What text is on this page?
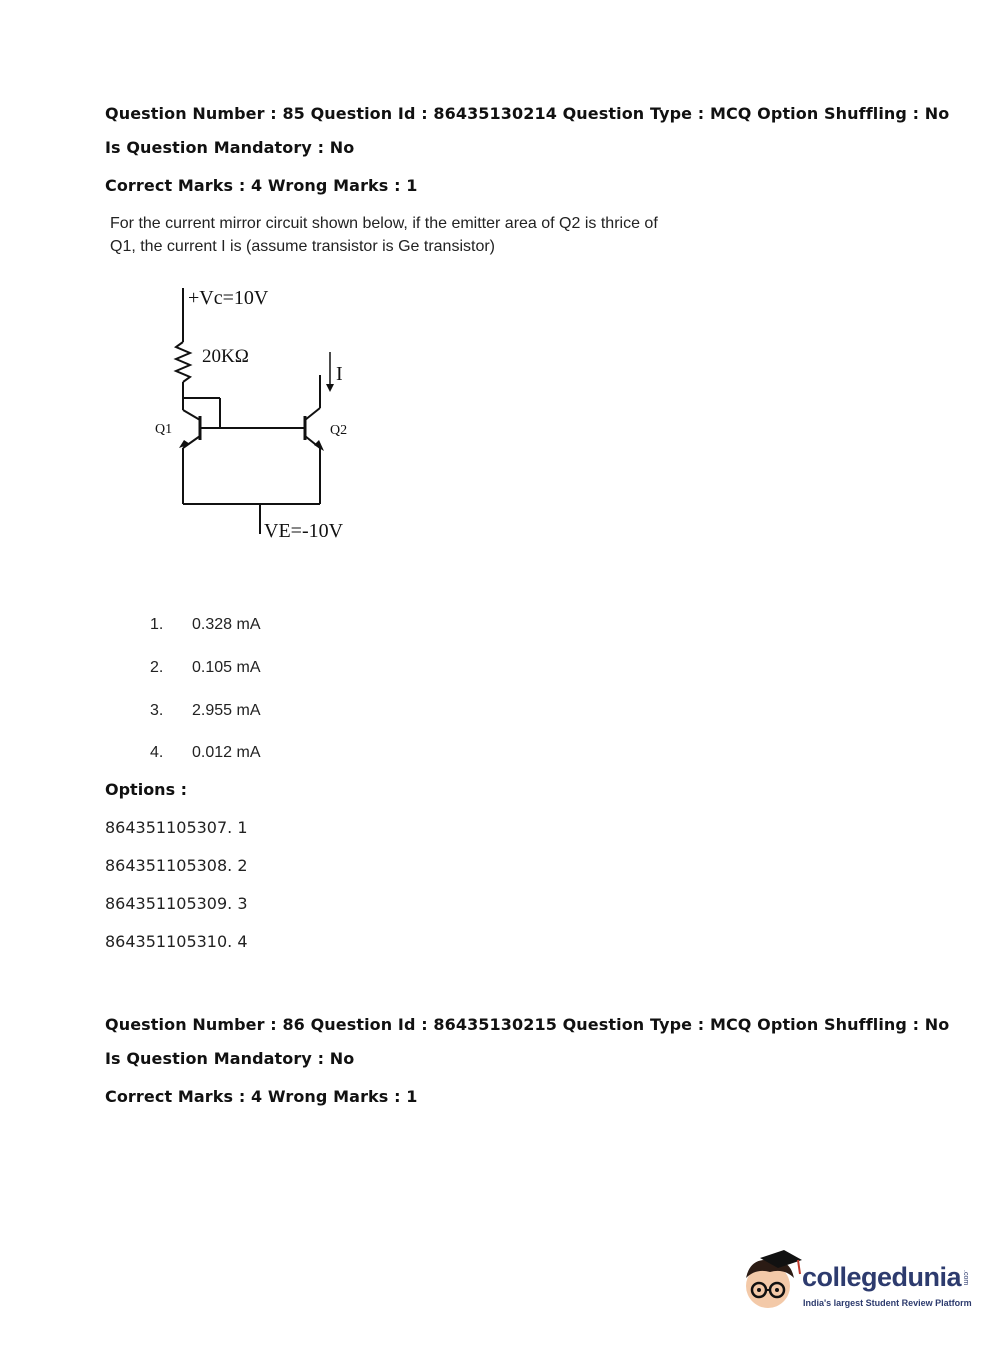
Question Number : 85 Question Id : 86435130214 Question Type : MCQ Option Shuffling : No
Is Question Mandatory : No
Correct Marks : 4 Wrong Marks : 1
For the current mirror circuit shown below, if the emitter area of Q2 is thrice of
Q1, the current I is (assume transistor is Ge transistor)
+Vc=10V
20KΩ
I
Q1	Q2
VE=-10V
1. 0.328 mA
2. 0.105 mA
3. 2.955 mA
4. 0.012 mA
Options :
864351105307. 1
864351105308. 2
864351105309. 3
864351105310. 4
Question Number : 86 Question Id : 86435130215 Question Type : MCQ Option Shuffling : No
Is Question Mandatory : No
Correct Marks : 4 Wrong Marks : 1
collegedunia .com
India's largest Student Review Platform
